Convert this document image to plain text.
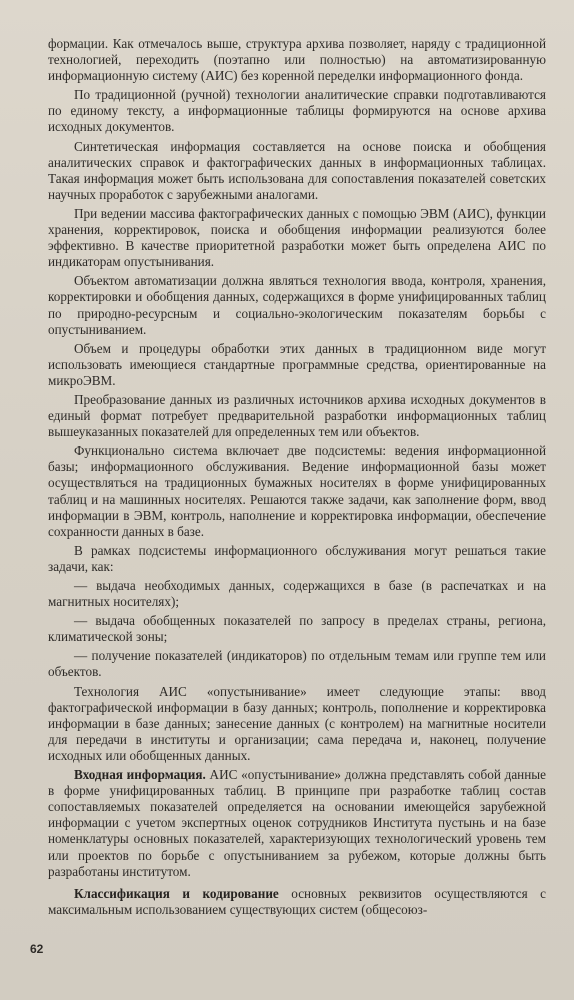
формации. Как отмечалось выше, структура архива позволяет, наряду с традиционной технологией, переходить (поэтапно или полностью) на автоматизированную информационную систему (АИС) без коренной переделки информационного фонда.

По традиционной (ручной) технологии аналитические справки подготавливаются по единому тексту, а информационные таблицы формируются на основе архива исходных документов.

Синтетическая информация составляется на основе поиска и обобщения аналитических справок и фактографических данных в информационных таблицах. Такая информация может быть использована для сопоставления показателей советских научных проработок с зарубежными аналогами.

При ведении массива фактографических данных с помощью ЭВМ (АИС), функции хранения, корректировок, поиска и обобщения информации реализуются более эффективно. В качестве приоритетной разработки может быть определена АИС по индикаторам опустынивания.

Объектом автоматизации должна являться технология ввода, контроля, хранения, корректировки и обобщения данных, содержащихся в форме унифицированных таблиц по природно-ресурсным и социально-экологическим показателям борьбы с опустыниванием.

Объем и процедуры обработки этих данных в традиционном виде могут использовать имеющиеся стандартные программные средства, ориентированные на микроЭВМ.

Преобразование данных из различных источников архива исходных документов в единый формат потребует предварительной разработки информационных таблиц вышеуказанных показателей для определенных тем или объектов.

Функционально система включает две подсистемы: ведения информационной базы; информационного обслуживания. Ведение информационной базы может осуществляться на традиционных бумажных носителях в форме унифицированных таблиц и на машинных носителях. Решаются также задачи, как заполнение форм, ввод информации в ЭВМ, контроль, наполнение и корректировка информации, обеспечение сохранности данных в базе.

В рамках подсистемы информационного обслуживания могут решаться такие задачи, как:

— выдача необходимых данных, содержащихся в базе (в распечатках и на магнитных носителях);

— выдача обобщенных показателей по запросу в пределах страны, региона, климатической зоны;

— получение показателей (индикаторов) по отдельным темам или группе тем или объектов.

Технология АИС «опустынивание» имеет следующие этапы: ввод фактографической информации в базу данных; контроль, пополнение и корректировка информации в базе данных; занесение данных (с контролем) на магнитные носители для передачи в институты и организации; сама передача и, наконец, получение исходных или обобщенных данных.

Входная информация. АИС «опустынивание» должна представлять собой данные в форме унифицированных таблиц. В принципе при разработке таблиц состав сопоставляемых показателей определяется на основании имеющейся зарубежной информации с учетом экспертных оценок сотрудников Института пустынь и на базе номенклатуры основных показателей, характеризующих технологический уровень тем или проектов по борьбе с опустыниванием за рубежом, которые должны быть разработаны институтом.

Классификация и кодирование основных реквизитов осуществляются с максимальным использованием существующих систем (общесоюз-

62
